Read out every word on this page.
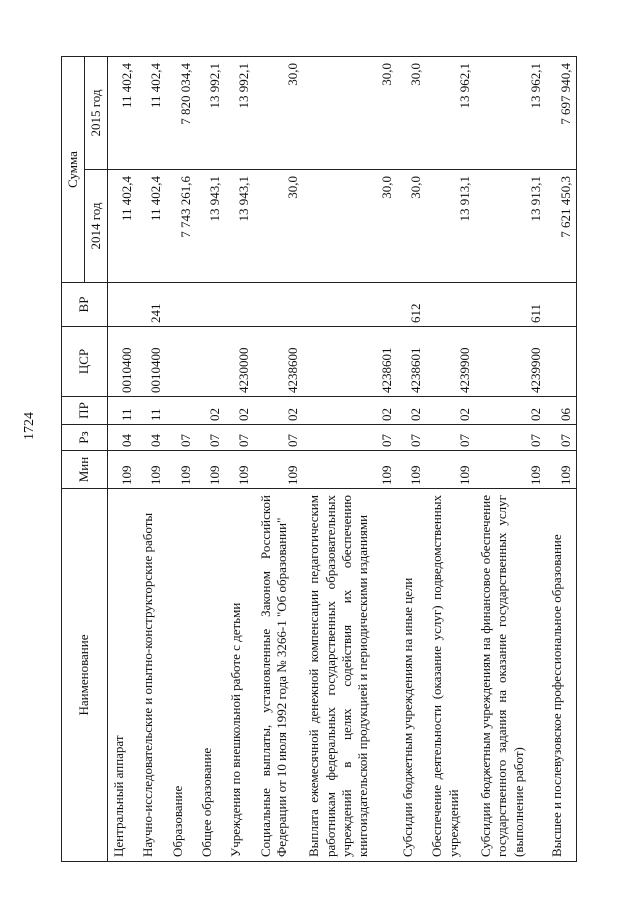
1724
Наименование	Мин	Рз	ПР	ЦСР	ВР	Сумма	
						2014 год	2015 год
Центральный аппарат	109	04	11	0010400		11 402,4	11 402,4
Научно-исследовательские и опытно-конструкторские работы	109	04	11	0010400	241	11 402,4	11 402,4
Образование	109	07				7 743 261,6	7 820 034,4
Общее образование	109	07	02			13 943,1	13 992,1
Учреждения по внешкольной работе с детьми	109	07	02	4230000		13 943,1	13 992,1
Социальные выплаты, установленные Законом Российской Федерации от 10 июля 1992 года № 3266-1 "Об образовании"	109	07	02	4238600		30,0	30,0
Выплата ежемесячной денежной компенсации педагогическим работникам федеральных государственных образовательных учреждений в целях содействия их обеспечению книгоиздательской продукцией и периодическими изданиями	109	07	02	4238601		30,0	30,0
Субсидии бюджетным учреждениям на иные цели	109	07	02	4238601	612	30,0	30,0
Обеспечение деятельности (оказание услуг) подведомственных учреждений	109	07	02	4239900		13 913,1	13 962,1
Субсидии бюджетным учреждениям на финансовое обеспечение государственного задания на оказание государственных услуг (выполнение работ)	109	07	02	4239900	611	13 913,1	13 962,1
Высшее и послевузовское профессиональное образование	109	07	06			7 621 450,3	7 697 940,4
